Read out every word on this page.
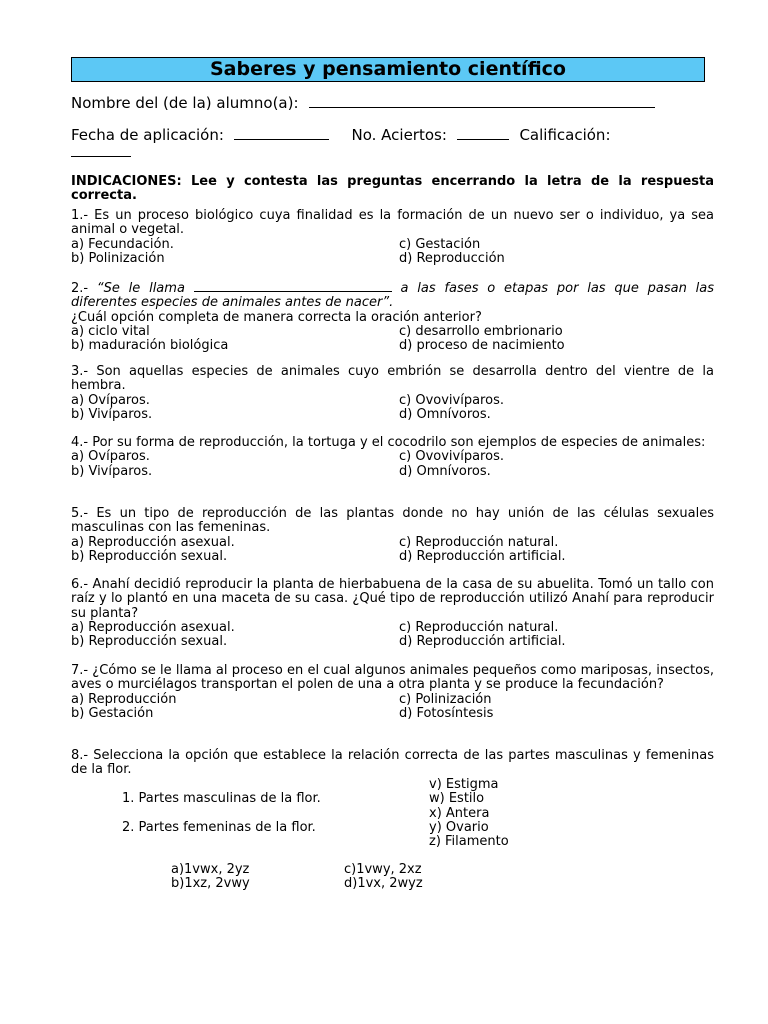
Saberes y pensamiento científico
Nombre del (de la) alumno(a):
Fecha de aplicación:	No. Aciertos:	Calificación:
INDICACIONES: Lee y contesta las preguntas encerrando la letra de la respuesta correcta.
1.- Es un proceso biológico cuya finalidad es la formación de un nuevo ser o individuo, ya sea animal o vegetal.
a) Fecundación.	c) Gestación
b) Polinización	d) Reproducción
2.- “Se le llama	a las fases o etapas por las que pasan las diferentes especies de animales antes de nacer”.
¿Cuál opción completa de manera correcta la oración anterior?
a) ciclo vital	c) desarrollo embrionario
b) maduración biológica	d) proceso de nacimiento
3.- Son aquellas especies de animales cuyo embrión se desarrolla dentro del vientre de la hembra.
a) Ovíparos.	c) Ovovivíparos.
b) Vivíparos.	d) Omnívoros.
4.- Por su forma de reproducción, la tortuga y el cocodrilo son ejemplos de especies de animales:
a) Ovíparos.	c) Ovovivíparos.
b) Vivíparos.	d) Omnívoros.
5.- Es un tipo de reproducción de las plantas donde no hay unión de las células sexuales masculinas con las femeninas.
a) Reproducción asexual.	c) Reproducción natural.
b) Reproducción sexual.	d) Reproducción artificial.
6.- Anahí decidió reproducir la planta de hierbabuena de la casa de su abuelita. Tomó un tallo con raíz y lo plantó en una maceta de su casa. ¿Qué tipo de reproducción utilizó Anahí para reproducir su planta?
a) Reproducción asexual.	c) Reproducción natural.
b) Reproducción sexual.	d) Reproducción artificial.
7.- ¿Cómo se le llama al proceso en el cual algunos animales pequeños como mariposas, insectos, aves o murciélagos transportan el polen de una a otra planta y se produce la fecundación?
a) Reproducción	c) Polinización
b) Gestación	d) Fotosíntesis
8.- Selecciona la opción que establece la relación correcta de las partes masculinas y femeninas de la flor.
v) Estigma
1. Partes masculinas de la flor.	w) Estilo
x) Antera
2. Partes femeninas de la flor.	y) Ovario
z) Filamento
a)1vwx, 2yz	c)1vwy, 2xz
b)1xz, 2vwy	d)1vx, 2wyz
